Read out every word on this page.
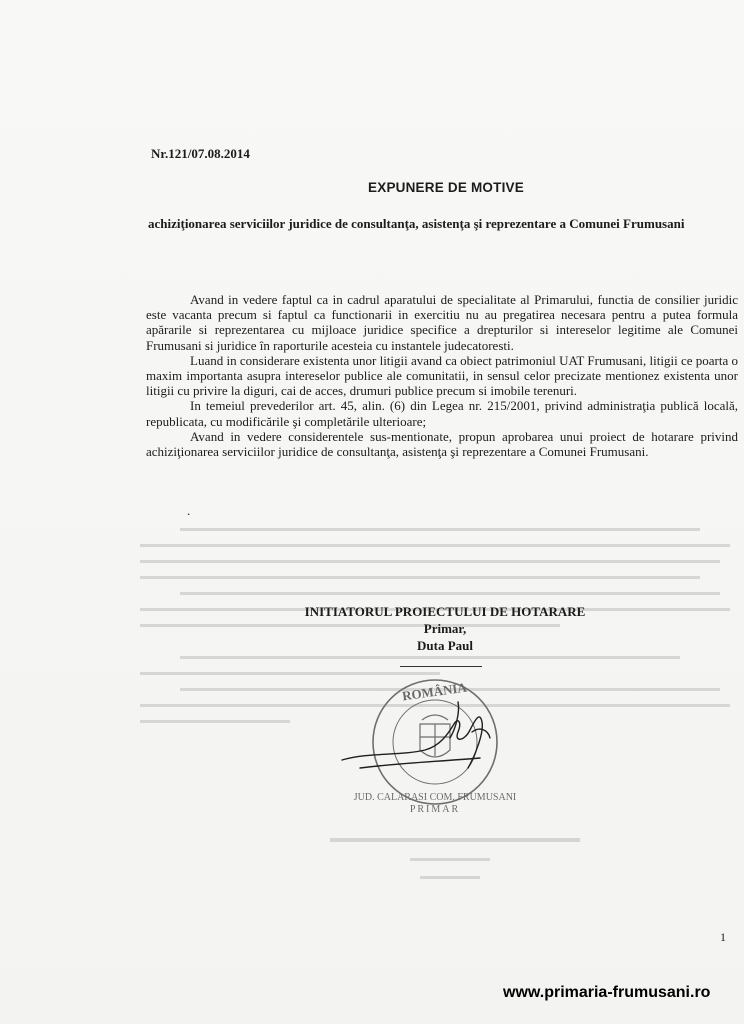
Nr.121/07.08.2014
EXPUNERE DE MOTIVE
achiziţionarea serviciilor juridice de consultanţa, asistenţa şi reprezentare a Comunei Frumusani

Avand in vedere faptul ca in cadrul aparatului de specialitate al Primarului, functia de consilier juridic este vacanta precum si faptul ca functionarii in exercitiu nu au pregatirea necesara pentru a putea formula apărarile si reprezentarea cu mijloace juridice specifice a drepturilor si intereselor legitime ale Comunei Frumusani si juridice în raporturile acesteia cu instantele judecatoresti.

Luand in considerare existenta unor litigii avand ca obiect patrimoniul UAT Frumusani, litigii ce poarta o maxim importanta asupra intereselor publice ale comunitatii, in sensul celor precizate mentionez existenta unor litigii cu privire la diguri, cai de acces, drumuri publice precum si imobile terenuri.

In temeiul prevederilor art. 45, alin. (6) din Legea nr. 215/2001, privind administraţia publică locală, republicata, cu modificările şi completările ulterioare;

Avand in vedere considerentele sus-mentionate, propun aprobarea unui proiect de hotarare privind achiziţionarea serviciilor juridice de consultanţa, asistenţa şi reprezentare a Comunei Frumusani.

.
INITIATORUL PROIECTULUI DE HOTARARE
Primar,
Duta Paul
ROMÂNIA
JUD. CALARASI COM. FRUMUSANI
PRIMAR
1
www.primaria-frumusani.ro
